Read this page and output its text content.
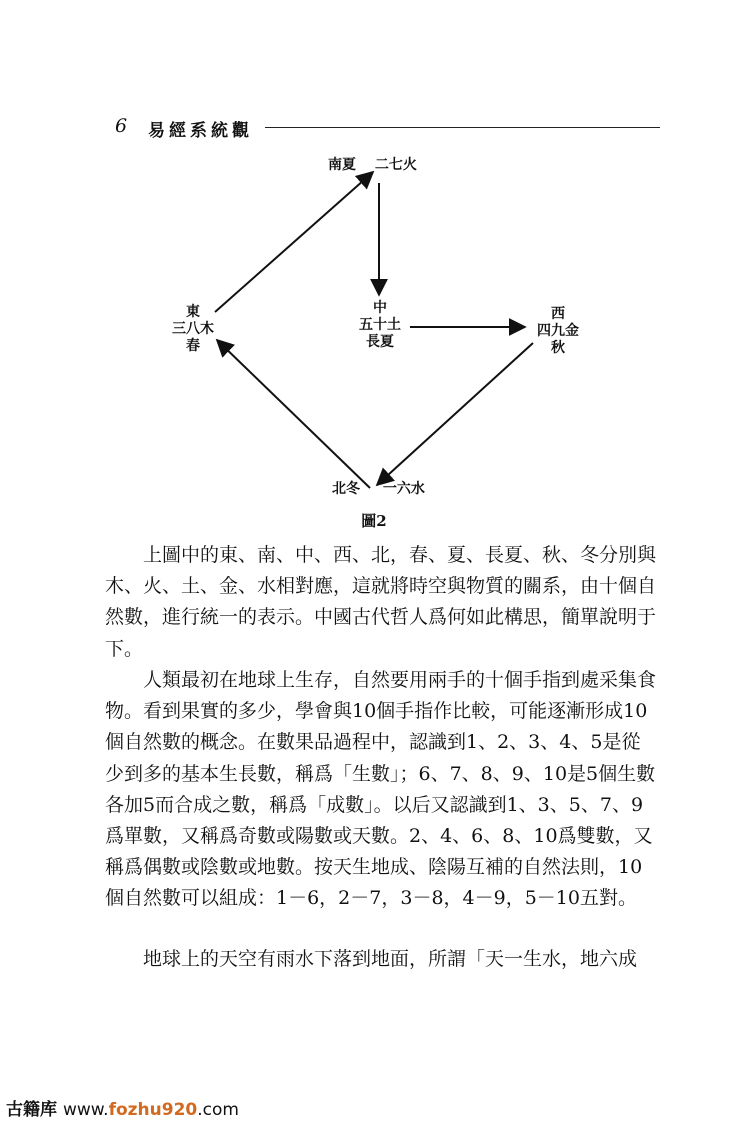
6 易經系統觀
南夏 二七火
東
三八木
春
中
五十土
長夏
西
四九金
秋
北冬 一六水
圖2

上圖中的東、南、中、西、北，春、夏、長夏、秋、冬分別與木、火、土、金、水相對應，這就將時空與物質的關系，由十個自然數，進行統一的表示。中國古代哲人爲何如此構思，簡單說明于下。

人類最初在地球上生存，自然要用兩手的十個手指到處采集食物。看到果實的多少，學會與10個手指作比較，可能逐漸形成10個自然數的概念。在數果品過程中，認識到1、2、3、4、5是從少到多的基本生長數，稱爲「生數」；6、7、8、9、10是5個生數各加5而合成之數，稱爲「成數」。以后又認識到1、3、5、7、9爲單數，又稱爲奇數或陽數或天數。2、4、6、8、10爲雙數，又稱爲偶數或陰數或地數。按天生地成、陰陽互補的自然法則，10個自然數可以組成：1－6，2－7，3－8，4－9，5－10五對。

地球上的天空有雨水下落到地面，所謂「天一生水，地六成

古籍库 www.fozhu920.com
